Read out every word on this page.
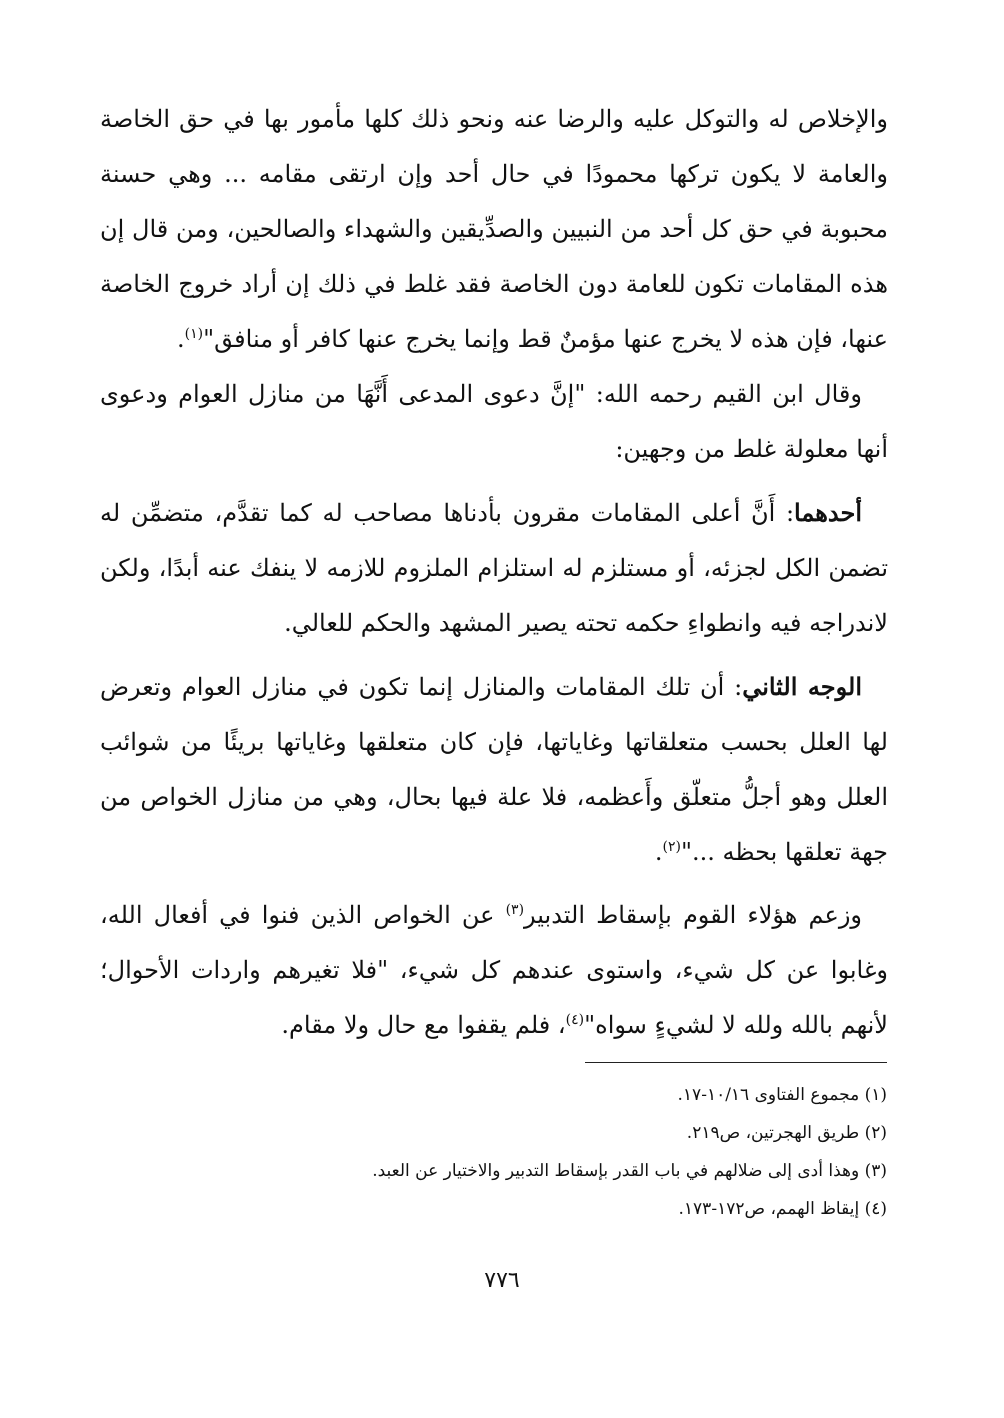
والإخلاص له والتوكل عليه والرضا عنه ونحو ذلك كلها مأمور بها في حق الخاصة والعامة لا يكون تركها محمودًا في حال أحد وإن ارتقى مقامه ... وهي حسنة محبوبة في حق كل أحد من النبيين والصدِّيقين والشهداء والصالحين، ومن قال إن هذه المقامات تكون للعامة دون الخاصة فقد غلط في ذلك إن أراد خروج الخاصة عنها، فإن هذه لا يخرج عنها مؤمنٌ قط وإنما يخرج عنها كافر أو منافق"$^{(١)}$.

وقال ابن القيم رحمه الله: "إنَّ دعوى المدعى أَنَّهَا من منازل العوام ودعوى أنها معلولة غلط من وجهين:

أحدهما: أَنَّ أعلى المقامات مقرون بأدناها مصاحب له كما تقدَّم، متضمِّن له تضمن الكل لجزئه، أو مستلزم له استلزام الملزوم للازمه لا ينفك عنه أبدًا، ولكن لاندراجه فيه وانطواءِ حكمه تحته يصير المشهد والحكم للعالي.

الوجه الثاني: أن تلك المقامات والمنازل إنما تكون في منازل العوام وتعرض لها العلل بحسب متعلقاتها وغاياتها، فإن كان متعلقها وغاياتها بريئًا من شوائب العلل وهو أجلُّ متعلّق وأَعظمه، فلا علة فيها بحال، وهي من منازل الخواص من جهة تعلقها بحظه ..."$^{(٢)}$.

وزعم هؤلاء القوم بإسقاط التدبير$^{(٣)}$ عن الخواص الذين فنوا في أفعال الله، وغابوا عن كل شيء، واستوى عندهم كل شيء، "فلا تغيرهم واردات الأحوال؛ لأنهم بالله ولله لا لشيءٍ سواه"$^{(٤)}$، فلم يقفوا مع حال ولا مقام.

(١) مجموع الفتاوى ١٠/١٦-١٧.
(٢) طريق الهجرتين، ص٢١٩.
(٣) وهذا أدى إلى ضلالهم في باب القدر بإسقاط التدبير والاختيار عن العبد.
(٤) إيقاظ الهمم، ص١٧٢-١٧٣.
٧٧٦
